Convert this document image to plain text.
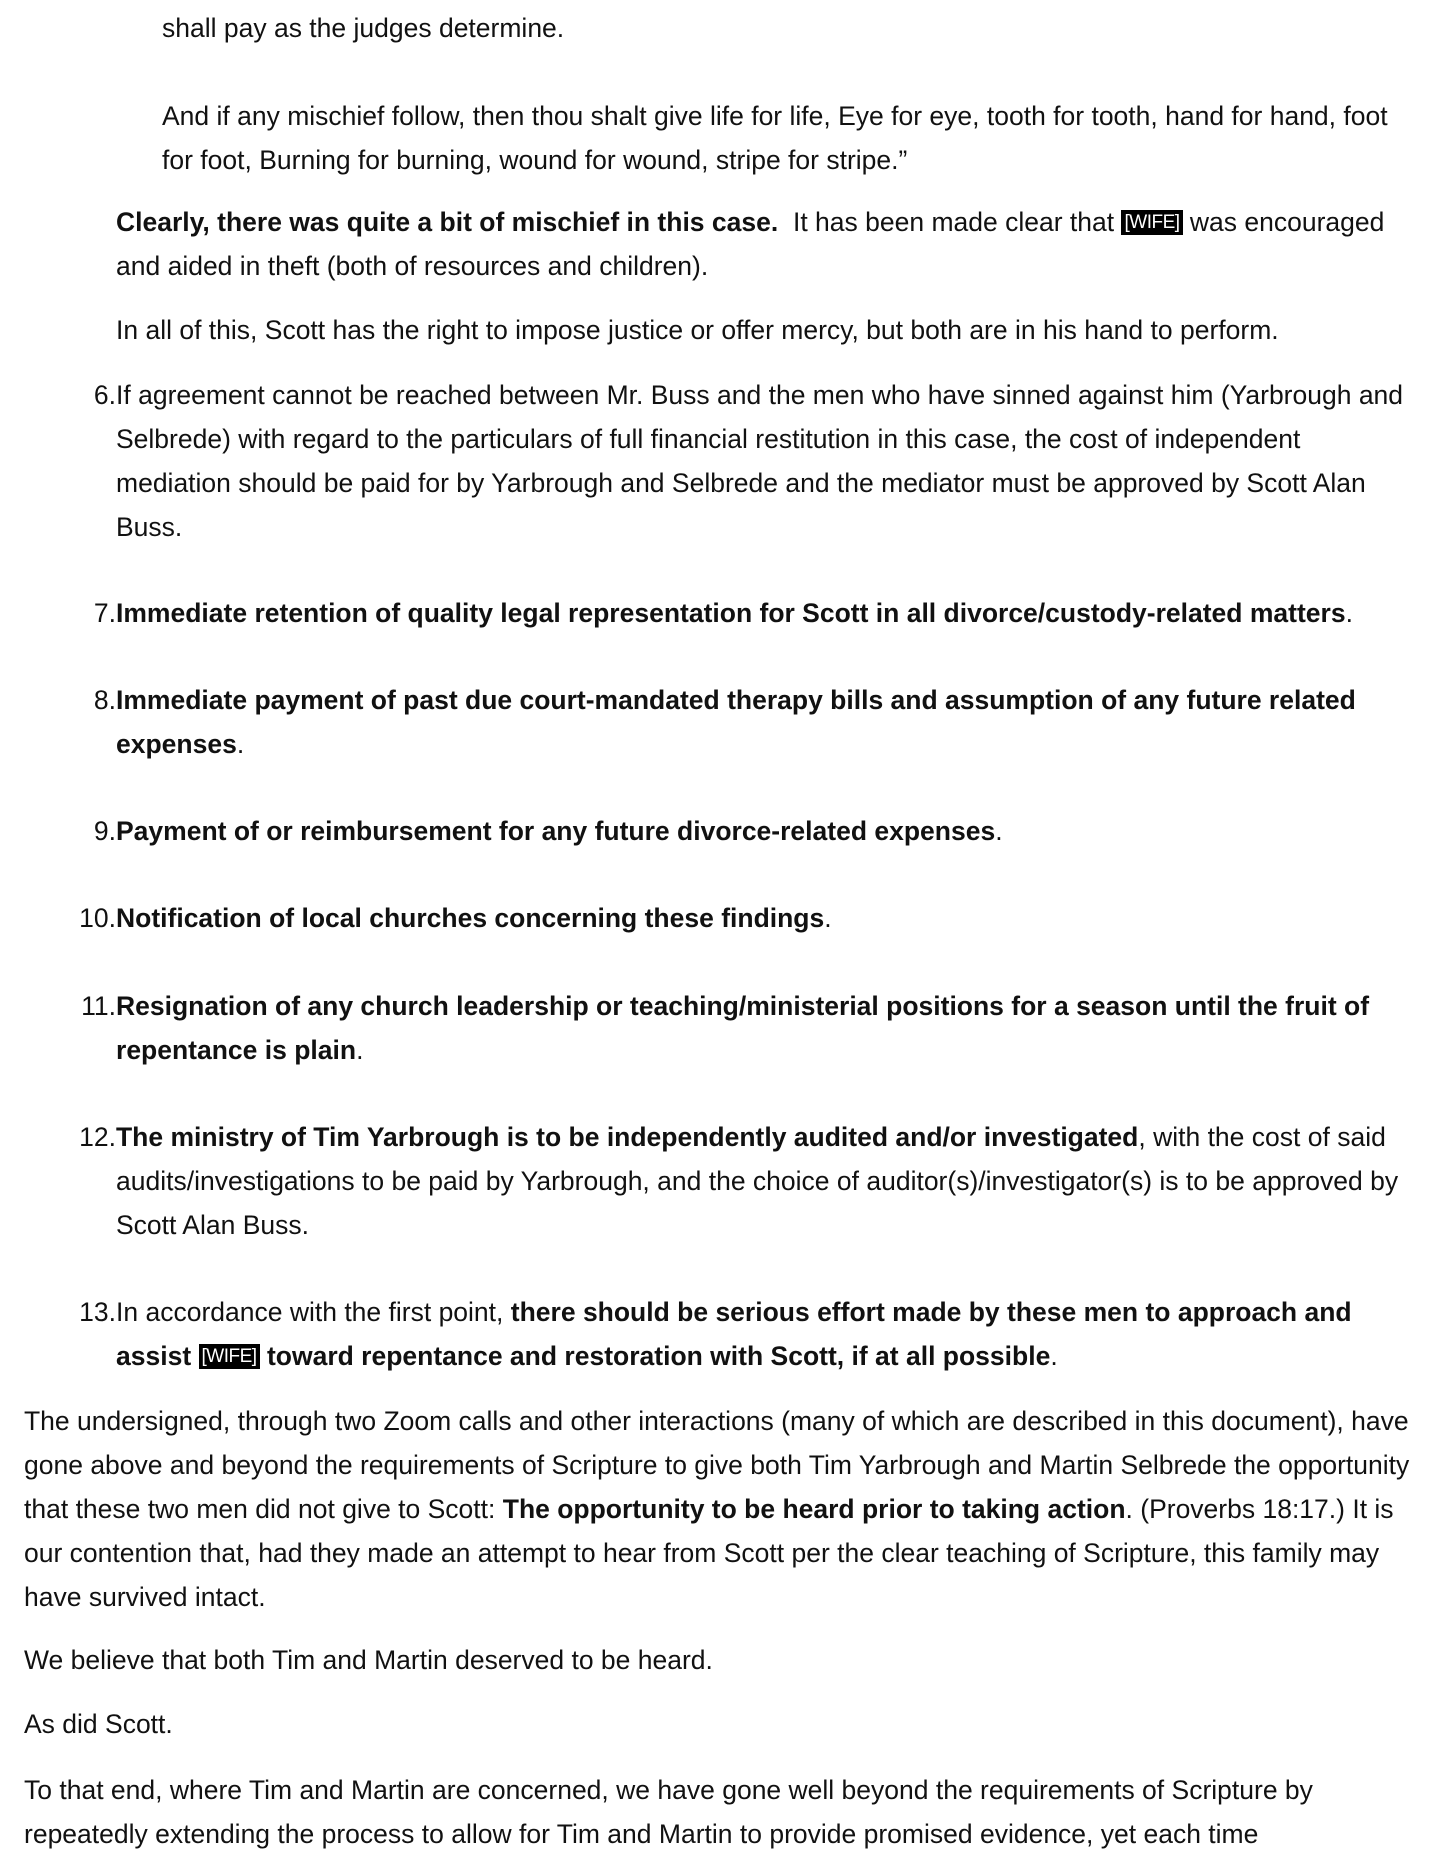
shall pay as the judges determine.

And if any mischief follow, then thou shalt give life for life, Eye for eye, tooth for tooth, hand for hand, foot for foot, Burning for burning, wound for wound, stripe for stripe.”

Clearly, there was quite a bit of mischief in this case. It has been made clear that [WIFE] was encouraged and aided in theft (both of resources and children).

In all of this, Scott has the right to impose justice or offer mercy, but both are in his hand to perform.

6. If agreement cannot be reached between Mr. Buss and the men who have sinned against him (Yarbrough and Selbrede) with regard to the particulars of full financial restitution in this case, the cost of independent mediation should be paid for by Yarbrough and Selbrede and the mediator must be approved by Scott Alan Buss.
7. Immediate retention of quality legal representation for Scott in all divorce/custody-related matters.
8. Immediate payment of past due court-mandated therapy bills and assumption of any future related expenses.
9. Payment of or reimbursement for any future divorce-related expenses.
10. Notification of local churches concerning these findings.
11. Resignation of any church leadership or teaching/ministerial positions for a season until the fruit of repentance is plain.
12. The ministry of Tim Yarbrough is to be independently audited and/or investigated, with the cost of said audits/investigations to be paid by Yarbrough, and the choice of auditor(s)/investigator(s) is to be approved by Scott Alan Buss.
13. In accordance with the first point, there should be serious effort made by these men to approach and assist [WIFE] toward repentance and restoration with Scott, if at all possible.

The undersigned, through two Zoom calls and other interactions (many of which are described in this document), have gone above and beyond the requirements of Scripture to give both Tim Yarbrough and Martin Selbrede the opportunity that these two men did not give to Scott: The opportunity to be heard prior to taking action. (Proverbs 18:17.) It is our contention that, had they made an attempt to hear from Scott per the clear teaching of Scripture, this family may have survived intact.

We believe that both Tim and Martin deserved to be heard.

As did Scott.

To that end, where Tim and Martin are concerned, we have gone well beyond the requirements of Scripture by repeatedly extending the process to allow for Tim and Martin to provide promised evidence, yet each time
